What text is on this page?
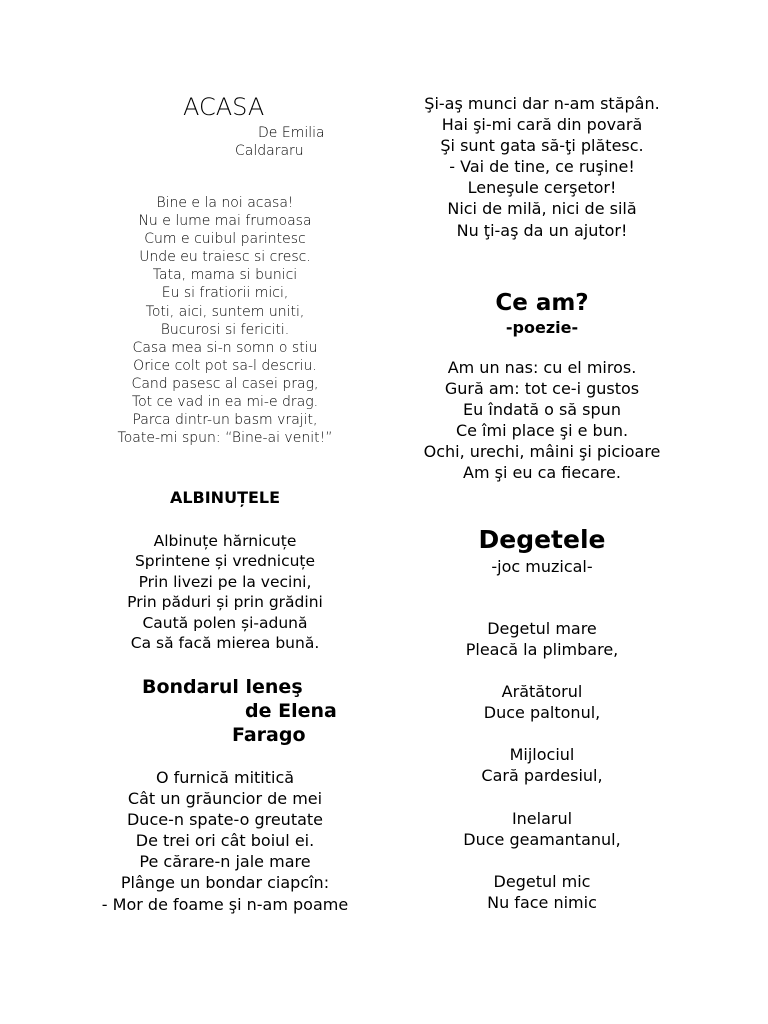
ACASA
De Emilia
Caldararu
Bine e la noi acasa!
Nu e lume mai frumoasa
Cum e cuibul parintesc
Unde eu traiesc si cresc.
Tata, mama si bunici
Eu si fratiorii mici,
Toti, aici, suntem uniti,
Bucurosi si fericiti.
Casa mea si-n somn o stiu
Orice colt pot sa-l descriu.
Cand pasesc al casei prag,
Tot ce vad in ea mi-e drag.
Parca dintr-un basm vrajit,
Toate-mi spun: “Bine-ai venit!”
ALBINUȚELE
Albinuțe hărnicuțe
Sprintene și vrednicuțe
Prin livezi pe la vecini,
Prin păduri și prin grădini
Caută polen și-adună
Ca să facă mierea bună.
Bondarul leneş
de Elena
Farago
O furnică mititică
Cât un grăuncior de mei
Duce-n spate-o greutate
De trei ori cât boiul ei.
Pe cărare-n jale mare
Plânge un bondar ciapcîn:
- Mor de foame şi n-am poame
Şi-aş munci dar n-am stăpân.
Hai şi-mi cară din povară
Şi sunt gata să-ţi plătesc.
- Vai de tine, ce ruşine!
Leneşule cerşetor!
Nici de milă, nici de silă
Nu ţi-aş da un ajutor!
Ce am?
-poezie-
Am un nas: cu el miros.
Gură am: tot ce-i gustos
Eu îndată o să spun
Ce îmi place şi e bun.
Ochi, urechi, mâini şi picioare
Am şi eu ca fiecare.
Degetele
-joc muzical-
Degetul mare
Pleacă la plimbare,
Arătătorul
Duce paltonul,
Mijlociul
Cară pardesiul,
Inelarul
Duce geamantanul,
Degetul mic
Nu face nimic
